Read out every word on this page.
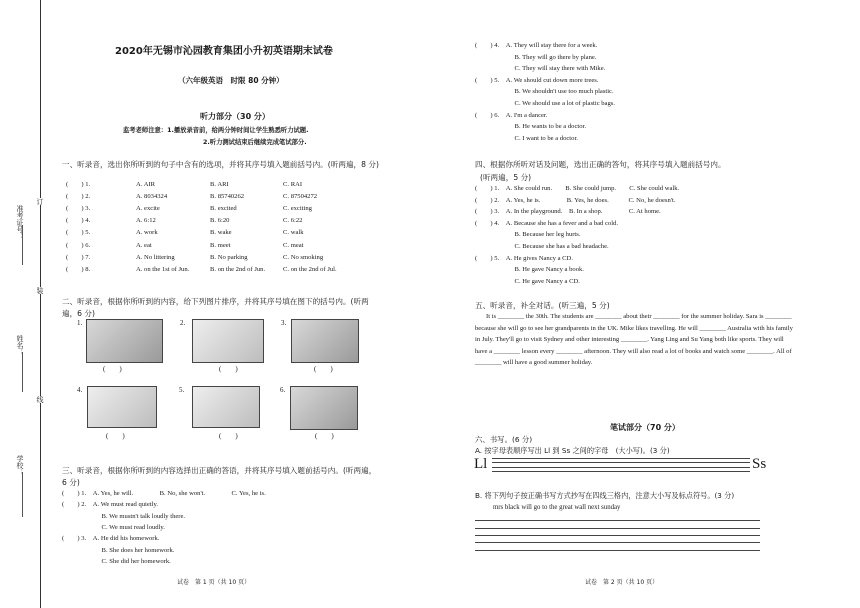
准考证号：
姓名：
学校：
订
装
线
2020年无锡市沁园教育集团小升初英语期末试卷
（六年级英语　时限 80 分钟）
听力部分（30 分）
监考老师注意：1.播放录音前，给两分钟时间让学生熟悉听力试题.
2.听力测试结束后继续完成笔试部分.
一、听录音，选出你所听到的句子中含有的选项，并将其序号填入题前括号内。(听两遍，8 分)
(　　) 1.	A. AIR	B. ARI	C. RAI
(　　) 2.	A. 8034324	B. 85740262	C. 87504272
(　　) 3.	A. excite	B. excited	C. exciting
(　　) 4.	A. 6:12	B. 6:20	C. 6:22
(　　) 5.	A. work	B. wake	C. walk
(　　) 6.	A. eat	B. meet	C. meat
(　　) 7.	A. No littering	B. No parking	C. No smoking
(　　) 8.	A. on the 1st of Jun.	B. on the 2nd of Jun.	C. on the 2nd of Jul.
二、听录音，根据你所听到的内容，给下列图片排序，并将其序号填在图下的括号内。(听两
遍，6 分)
1.
(　　)
2.
(　　)
3.
(　　)
4.
(　　)
5.
(　　)
6.
(　　)
三、听录音，根据你所听到的内容选择出正确的答语，并将其序号填入题前括号内。(听两遍，
6 分)
(　　) 1.　A. Yes, he will.　　　　B. No, she won't.　　　　C. Yes, he is.
(　　) 2.　A. We must read quietly.
　　　　　　B. We mustn't talk loudly there.
　　　　　　C. We must read loudly.
(　　) 3.　A. He did his homework.
　　　　　　B. She does her homework.
　　　　　　C. She did her homework.
试卷　第 1 页（共 10 页）
(　　) 4.　A. They will stay there for a week.
　　　　　　B. They will go there by plane.
　　　　　　C. They will stay there with Mike.
(　　) 5.　A. We should cut down more trees.
　　　　　　B. We shouldn't use too much plastic.
　　　　　　C. We should use a lot of plastic bags.
(　　) 6.　A. I'm a dancer.
　　　　　　B. He wants to be a doctor.
　　　　　　C. I want to be a doctor.
四、根据你所听对话及问题，选出正确的答句，将其序号填入题前括号内。
(听两遍，5 分)
(　　) 1.　A. She could run.　　B. She could jump.　　C. She could walk.
(　　) 2.　A. Yes, he is.　　　　B. Yes, he does.　　　C. No, he doesn't.
(　　) 3.　A. In the playground.　B. In a shop.　　　　C. At home.
(　　) 4.　A. Because she has a fever and a bad cold.
　　　　　　B. Because her leg hurts.
　　　　　　C. Because she has a bad headache.
(　　) 5.　A. He gives Nancy a CD.
　　　　　　B. He gave Nancy a book.
　　　　　　C. He gave Nancy a CD.
五、听录音，补全对话。(听三遍，5 分)
It is ________ the 30th. The students are ________ about their ________ for the summer holiday. Sara is ________
because she will go to see her grandparents in the UK. Mike likes travelling. He will ________ Australia with his family
in July. They'll go to visit Sydney and other interesting ________. Yang Ling and Su Yang both like sports. They will
have a ________ lesson every ________ afternoon. They will also read a lot of books and watch some ________. All of
________ will have a good summer holiday.
笔试部分（70 分）
六、书写。(6 分)
A. 按字母表顺序写出 Ll 到 Ss 之间的字母　(大小写)。(3 分)
Ll	Ss
B. 将下列句子按正确书写方式抄写在四线三格内，注意大小写及标点符号。(3 分)
mrs black will go to the great wall next sunday
试卷　第 2 页（共 10 页）
